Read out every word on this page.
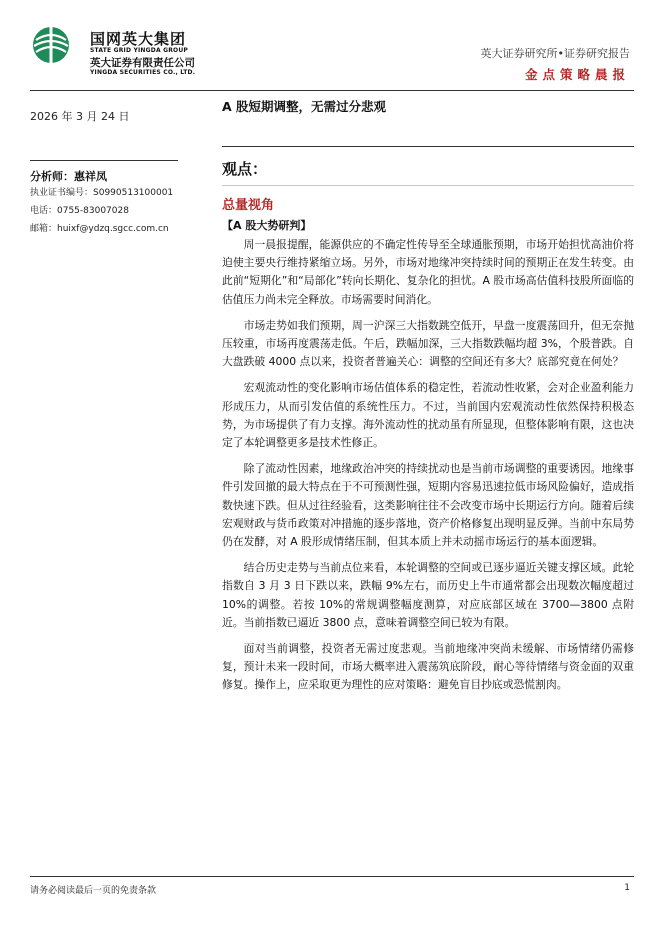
国网英大集团
STATE GRID YINGDA GROUP
英大证券有限责任公司
YINGDA SECURITIES CO., LTD.
英大证券研究所•证券研究报告
金点策略晨报
2026 年 3 月 24 日
A 股短期调整，无需过分悲观
观点：
分析师：惠祥凤
执业证书编号：S0990513100001
电话：0755-83007028
邮箱：huixf@ydzq.sgcc.com.cn
总量视角
【A 股大势研判】

周一晨报提醒，能源供应的不确定性传导至全球通胀预期，市场开始担忧高油价将迫使主要央行维持紧缩立场。另外，市场对地缘冲突持续时间的预期正在发生转变。由此前“短期化”和“局部化”转向长期化、复杂化的担忧。A 股市场高估值科技股所面临的估值压力尚未完全释放。市场需要时间消化。

市场走势如我们预期，周一沪深三大指数跳空低开，早盘一度震荡回升，但无奈抛压较重，市场再度震荡走低。午后，跌幅加深，三大指数跌幅均超 3%，个股普跌。自大盘跌破 4000 点以来，投资者普遍关心：调整的空间还有多大？底部究竟在何处？

宏观流动性的变化影响市场估值体系的稳定性，若流动性收紧，会对企业盈利能力形成压力，从而引发估值的系统性压力。不过，当前国内宏观流动性依然保持积极态势，为市场提供了有力支撑。海外流动性的扰动虽有所显现，但整体影响有限，这也决定了本轮调整更多是技术性修正。

除了流动性因素，地缘政治冲突的持续扰动也是当前市场调整的重要诱因。地缘事件引发回撤的最大特点在于不可预测性强，短期内容易迅速拉低市场风险偏好，造成指数快速下跌。但从过往经验看，这类影响往往不会改变市场中长期运行方向。随着后续宏观财政与货币政策对冲措施的逐步落地，资产价格修复出现明显反弹。当前中东局势仍在发酵，对 A 股形成情绪压制，但其本质上并未动摇市场运行的基本面逻辑。

结合历史走势与当前点位来看，本轮调整的空间或已逐步逼近关键支撑区域。此轮指数自 3 月 3 日下跌以来，跌幅 9%左右，而历史上牛市通常都会出现数次幅度超过 10%的调整。若按 10%的常规调整幅度测算，对应底部区域在 3700—3800 点附近。当前指数已逼近 3800 点，意味着调整空间已较为有限。

面对当前调整，投资者无需过度悲观。当前地缘冲突尚未缓解、市场情绪仍需修复，预计未来一段时间，市场大概率进入震荡筑底阶段，耐心等待情绪与资金面的双重修复。操作上，应采取更为理性的应对策略：避免盲目抄底或恐慌割肉。

请务必阅读最后一页的免责条款	1
